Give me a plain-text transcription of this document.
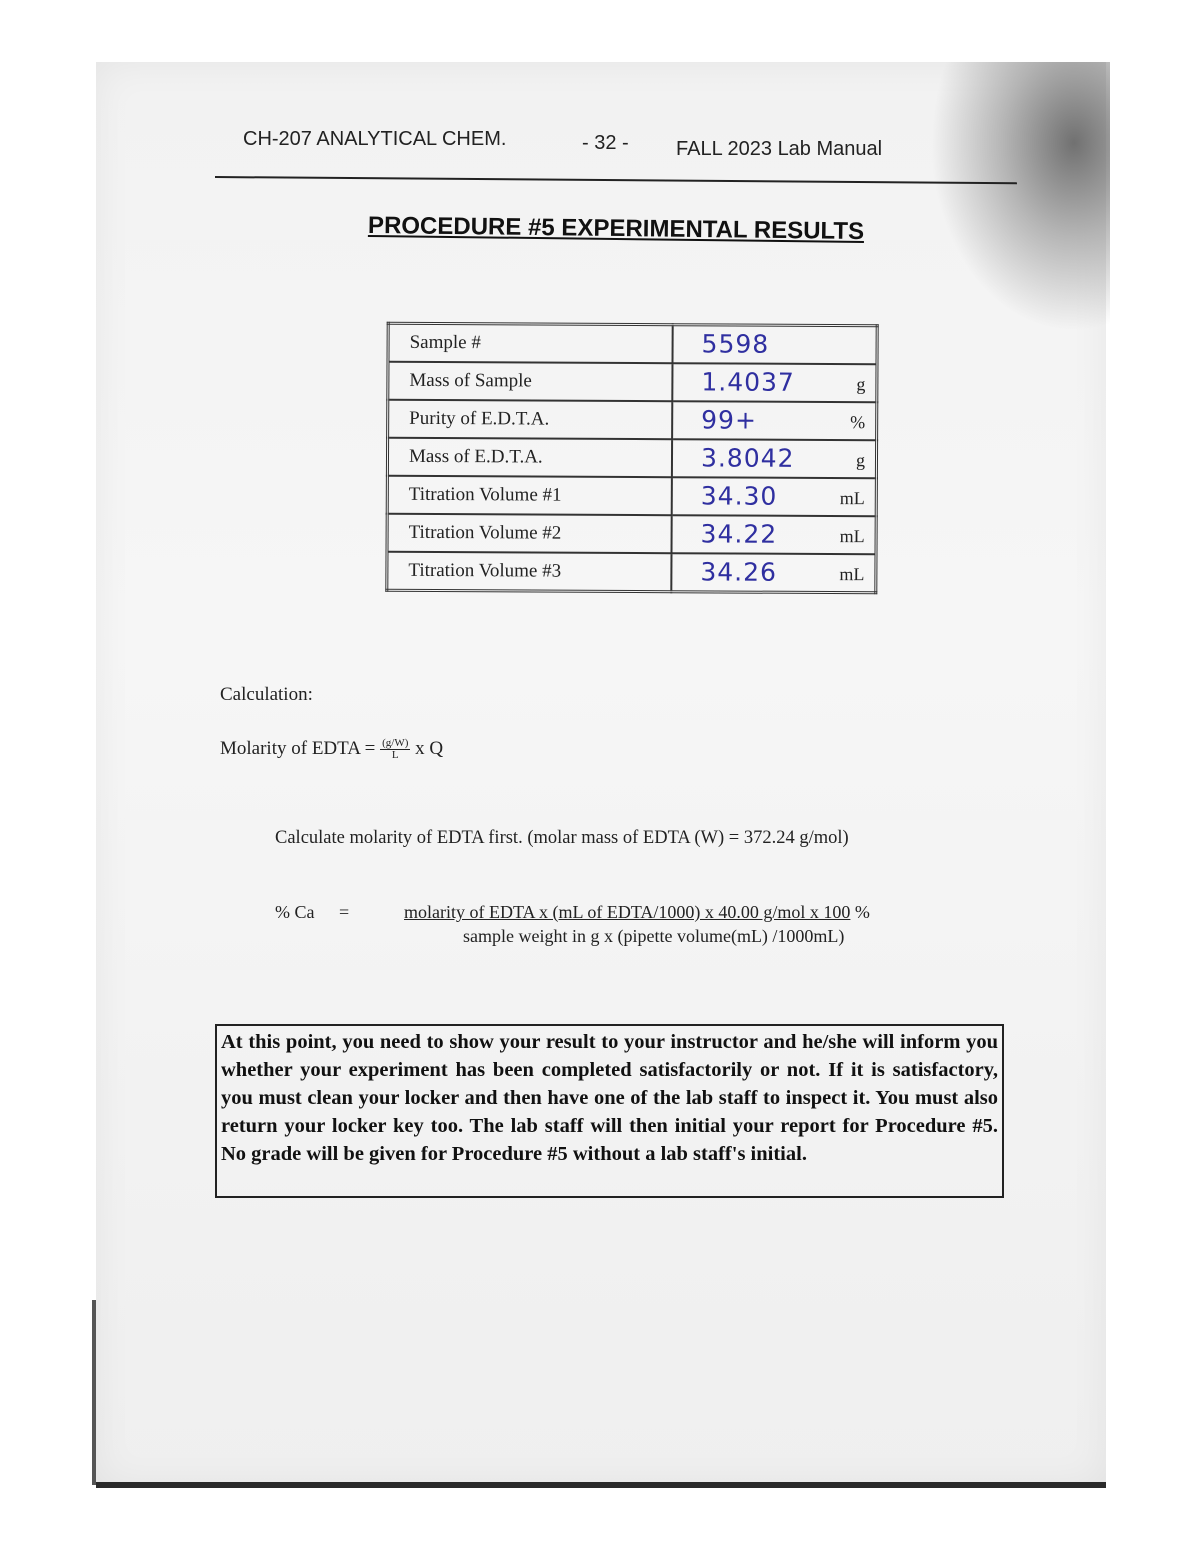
CH-207 ANALYTICAL CHEM.	- 32 - FALL 2023 Lab Manual
PROCEDURE #5 EXPERIMENTAL RESULTS
Sample #	5598

Mass of Sample	1.4037 g

Purity of E.D.T.A.	99+ %

Mass of E.D.T.A.	3.8042 g

Titration Volume #1	34.30 mL

Titration Volume #2	34.22 mL

Titration Volume #3	34.26 mL
Calculation:
Molarity of EDTA = $\frac{(g/W)}{L}$ x Q
Calculate molarity of EDTA first. (molar mass of EDTA (W) = 372.24 g/mol)
% Ca =	molarity of EDTA x (mL of EDTA/1000) x 40.00 g/mol x 100 %
sample weight in g x (pipette volume(mL) /1000mL)
At this point, you need to show your result to your instructor and he/she will inform you whether your experiment has been completed satisfactorily or not. If it is satisfactory, you must clean your locker and then have one of the lab staff to inspect it. You must also return your locker key too. The lab staff will then initial your report for Procedure #5. No grade will be given for Procedure #5 without a lab staff's initial.
